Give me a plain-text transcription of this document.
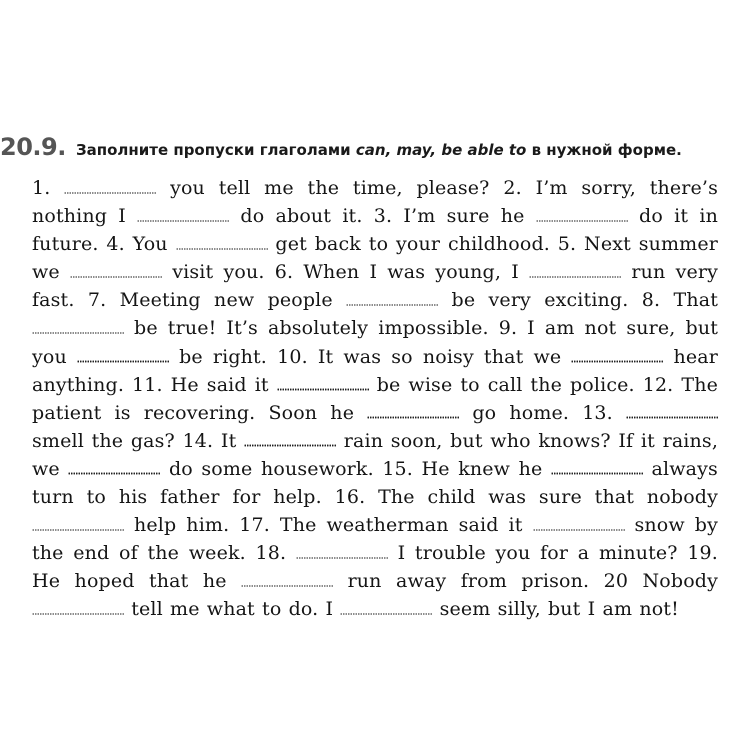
20.9. Заполните пропуски глаголами can, may, be able to в нужной форме.

1.	you tell me the time, please? 2. I’m sorry, there’s nothing I	do about it. 3. I’m sure he	do it in future. 4. You	get back to your childhood. 5. Next summer we	visit you. 6. When I was young, I	run very fast. 7. Meeting new people	be very exciting. 8. That  be true! It’s absolutely impossible. 9. I am not sure, but you	be right. 10. It was so noisy that we	hear anything. 11. He said it	be wise to call the police. 12. The patient is recovering. Soon he	go home. 13.  smell the gas? 14. It	rain soon, but who knows? If it rains, we	do some housework. 15. He knew he	always turn to his father for help. 16. The child was sure that nobody  help him. 17. The weatherman said it	snow by the end of the week. 18.	I trouble you for a minute? 19. He hoped that he	run away from prison. 20 Nobody  tell me what to do. I	seem silly, but I am not!
